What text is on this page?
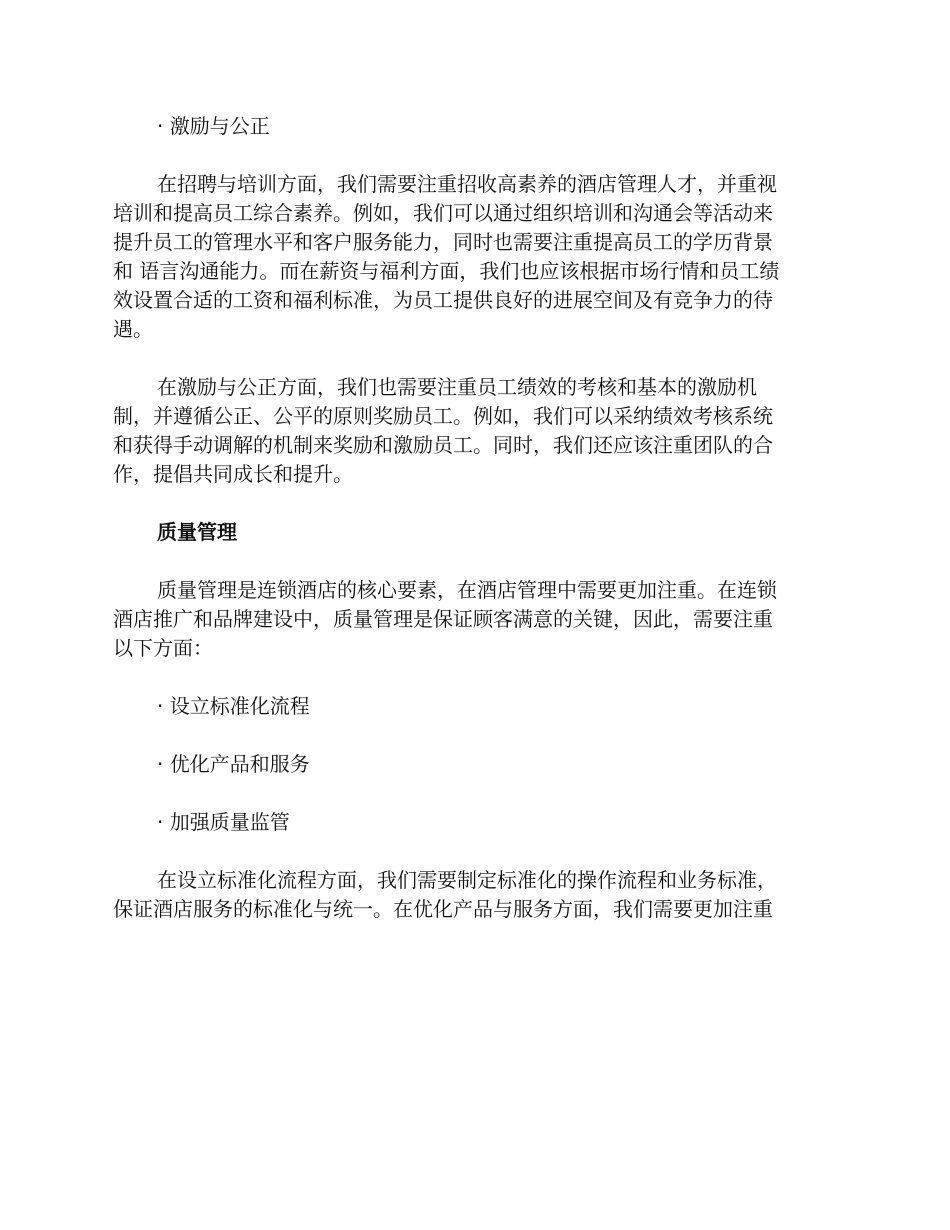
· 激励与公正
在招聘与培训方面，我们需要注重招收高素养的酒店管理人才，并重视
培训和提高员工综合素养。例如，我们可以通过组织培训和沟通会等活动来
提升员工的管理水平和客户服务能力，同时也需要注重提高员工的学历背景
和 语言沟通能力。而在薪资与福利方面，我们也应该根据市场行情和员工绩
效设置合适的工资和福利标准，为员工提供良好的进展空间及有竞争力的待
遇。
在激励与公正方面，我们也需要注重员工绩效的考核和基本的激励机
制，并遵循公正、公平的原则奖励员工。例如，我们可以采纳绩效考核系统
和获得手动调解的机制来奖励和激励员工。同时，我们还应该注重团队的合
作，提倡共同成长和提升。
质量管理
质量管理是连锁酒店的核心要素，在酒店管理中需要更加注重。在连锁
酒店推广和品牌建设中，质量管理是保证顾客满意的关键，因此，需要注重
以下方面：
· 设立标准化流程
· 优化产品和服务
· 加强质量监管
在设立标准化流程方面，我们需要制定标准化的操作流程和业务标准，
保证酒店服务的标准化与统一。在优化产品与服务方面，我们需要更加注重
